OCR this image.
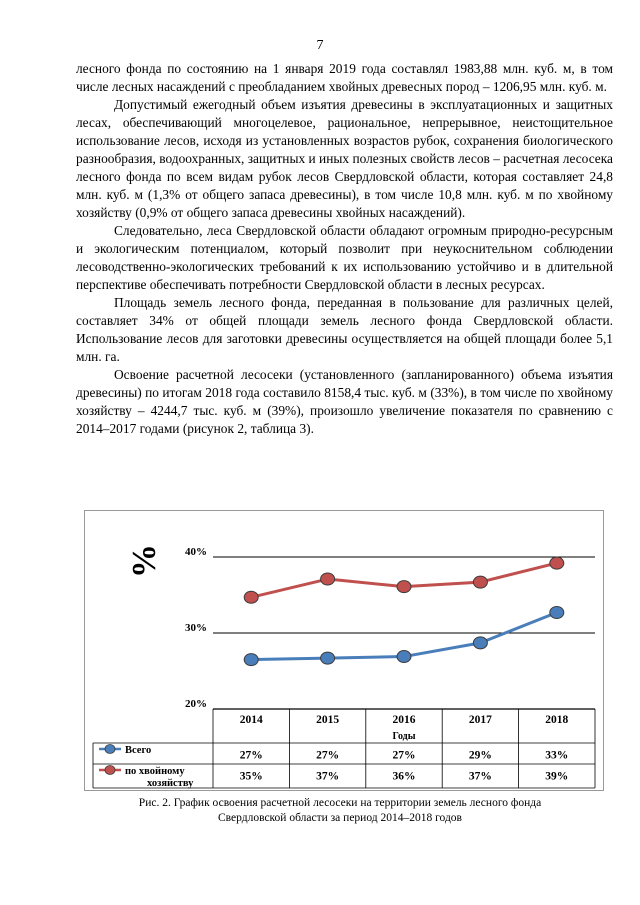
7

лесного фонда по состоянию на 1 января 2019 года составлял 1983,88 млн. куб. м, в том числе лесных насаждений с преобладанием хвойных древесных пород – 1206,95 млн. куб. м.

Допустимый ежегодный объем изъятия древесины в эксплуатационных и защитных лесах, обеспечивающий многоцелевое, рациональное, непрерывное, неистощительное использование лесов, исходя из установленных возрастов рубок, сохранения биологического разнообразия, водоохранных, защитных и иных полезных свойств лесов – расчетная лесосека лесного фонда по всем видам рубок лесов Свердловской области, которая составляет 24,8 млн. куб. м (1,3% от общего запаса древесины), в том числе 10,8 млн. куб. м по хвойному хозяйству (0,9% от общего запаса древесины хвойных насаждений).

Следовательно, леса Свердловской области обладают огромным природно-ресурсным и экологическим потенциалом, который позволит при неукоснительном соблюдении лесоводственно-экологических требований к их использованию устойчиво и в длительной перспективе обеспечивать потребности Свердловской области в лесных ресурсах.

Площадь земель лесного фонда, переданная в пользование для различных целей, составляет 34% от общей площади земель лесного фонда Свердловской области. Использование лесов для заготовки древесины осуществляется на общей площади более 5,1 млн. га.

Освоение расчетной лесосеки (установленного (запланированного) объема изъятия древесины) по итогам 2018 года составило 8158,4 тыс. куб. м (33%), в том числе по хвойному хозяйству – 4244,7 тыс. куб. м (39%), произошло увеличение показателя по сравнению с 2014–2017 годами (рисунок 2, таблица 3).

%
20%
30%
40%
2014	2015	2016	2017	2018
Годы
Всего	27%	27%	27%	29%	33%
по хвойному хозяйству
35%	37%	36%	37%	39%
Рис. 2. График освоения расчетной лесосеки на территории земель лесного фонда
Свердловской области за период 2014–2018 годов
